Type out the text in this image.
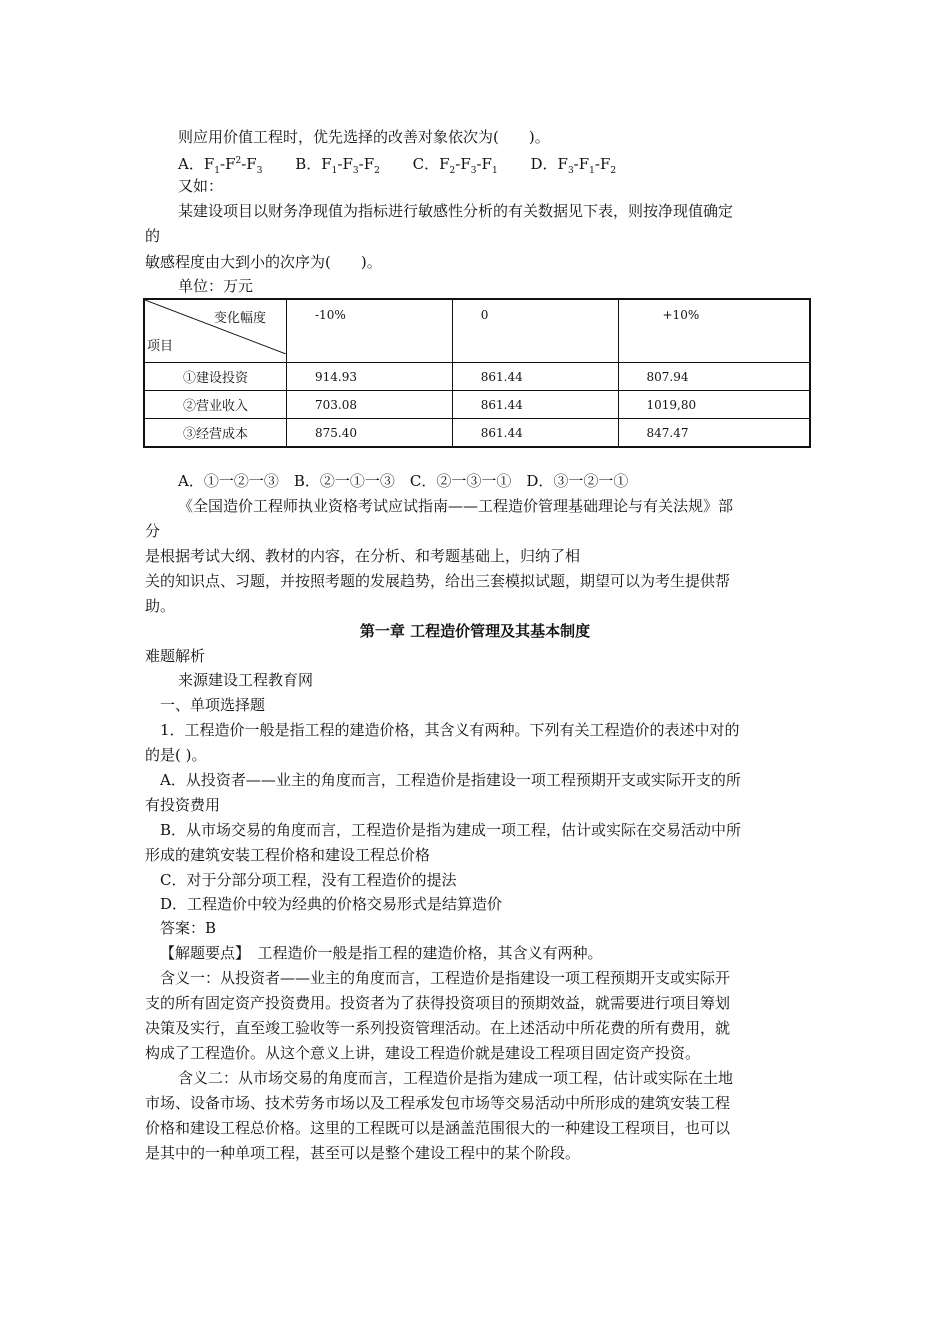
则应用价值工程时，优先选择的改善对象依次为(　　)。
A．$F_1-F^2-F_3$ B．$F_1-F_3-F_2$ C．$F_2-F_3-F_1$ D．$F_3-F_1-F_2$
又如：
某建设项目以财务净现值为指标进行敏感性分析的有关数据见下表，则按净现值确定
的
敏感程度由大到小的次序为(　　)。
单位：万元
变化幅度
项目	-10%	0	+10%
①建设投资	914.93	861.44	807.94
②营业收入	703.08	861.44	1019,80
③经营成本	875.40	861.44	847.47
A．①一②一③　B．②一①一③　C．②一③一①　D．③一②一①
《全国造价工程师执业资格考试应试指南——工程造价管理基础理论与有关法规》部
分
是根据考试大纲、教材的内容，在分析、和考题基础上，归纳了相
关的知识点、习题，并按照考题的发展趋势，给出三套模拟试题，期望可以为考生提供帮
助。
第一章 工程造价管理及其基本制度
难题解析
来源建设工程教育网
一、单项选择题
1．工程造价一般是指工程的建造价格，其含义有两种。下列有关工程造价的表述中对的
的是( )。
A．从投资者——业主的角度而言，工程造价是指建设一项工程预期开支或实际开支的所
有投资费用
B．从市场交易的角度而言，工程造价是指为建成一项工程，估计或实际在交易活动中所
形成的建筑安装工程价格和建设工程总价格
C．对于分部分项工程，没有工程造价的提法
D．工程造价中较为经典的价格交易形式是结算造价
答案：B
【解题要点】　工程造价一般是指工程的建造价格，其含义有两种。
含义一：从投资者——业主的角度而言，工程造价是指建设一项工程预期开支或实际开
支的所有固定资产投资费用。投资者为了获得投资项目的预期效益，就需要进行项目筹划
决策及实行，直至竣工验收等一系列投资管理活动。在上述活动中所花费的所有费用，就
构成了工程造价。从这个意义上讲，建设工程造价就是建设工程项目固定资产投资。
含义二：从市场交易的角度而言，工程造价是指为建成一项工程，估计或实际在土地
市场、设备市场、技术劳务市场以及工程承发包市场等交易活动中所形成的建筑安装工程
价格和建设工程总价格。这里的工程既可以是涵盖范围很大的一种建设工程项目，也可以
是其中的一种单项工程，甚至可以是整个建设工程中的某个阶段。
